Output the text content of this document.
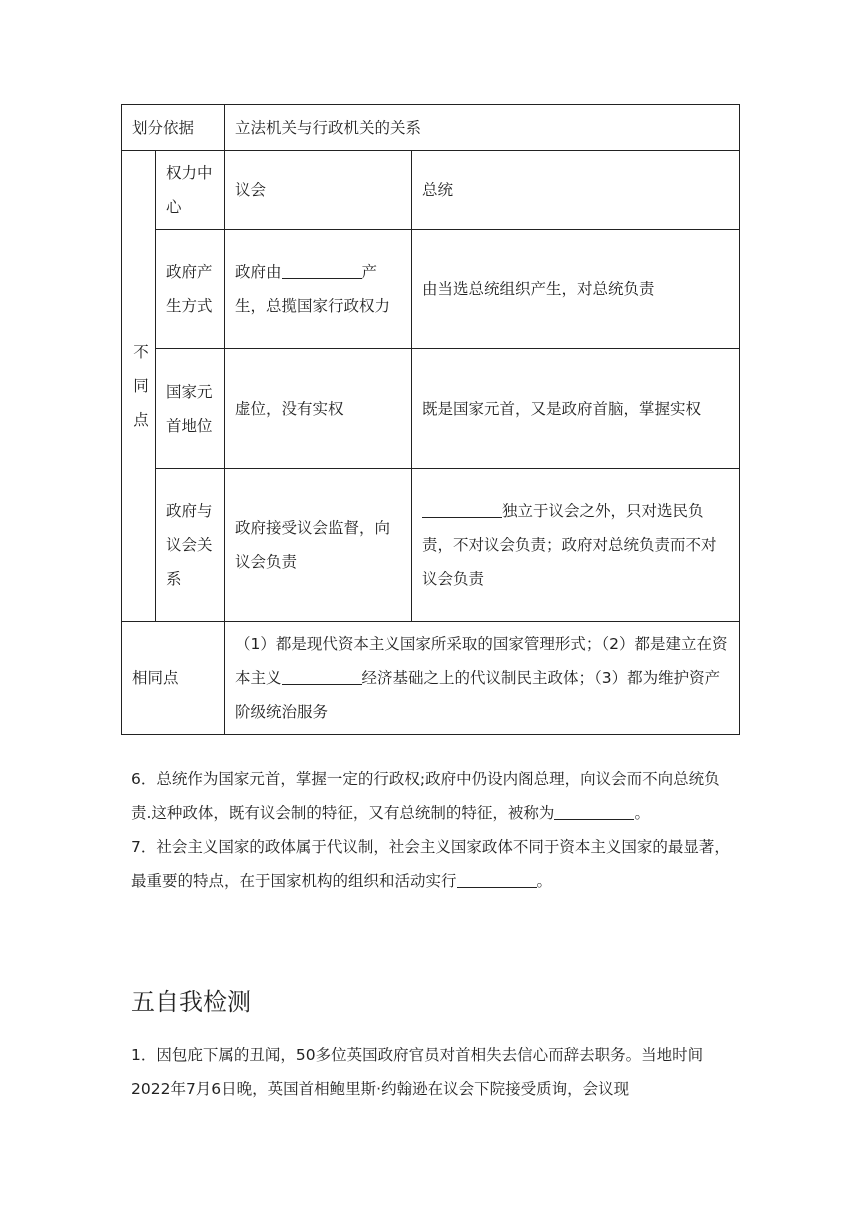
划分依据		立法机关与行政机关的关系	
不同点	权力中心	议会	总统
	政府产生方式	政府由 产生，总揽国家行政权力	由当选总统组织产生，对总统负责
	国家元首地位	虚位，没有实权	既是国家元首，又是政府首脑，掌握实权
	政府与议会关系	政府接受议会监督，向议会负责	独立于议会之外，只对选民负责，不对议会负责；政府对总统负责而不对议会负责
相同点		（1）都是现代资本主义国家所采取的国家管理形式；（2）都是建立在资本主义 经济基础之上的代议制民主政体；（3）都为维护资产阶级统治服务	
6．总统作为国家元首，掌握一定的行政权;政府中仍设内阁总理，向议会而不向总统负责.这种政体，既有议会制的特征，又有总统制的特征，被称为	。
7．社会主义国家的政体属于代议制，社会主义国家政体不同于资本主义国家的最显著，最重要的特点，在于国家机构的组织和活动实行	。
五自我检测
1．因包庇下属的丑闻，50多位英国政府官员对首相失去信心而辞去职务。当地时间2022年7月6日晚，英国首相鲍里斯·约翰逊在议会下院接受质询，会议现
